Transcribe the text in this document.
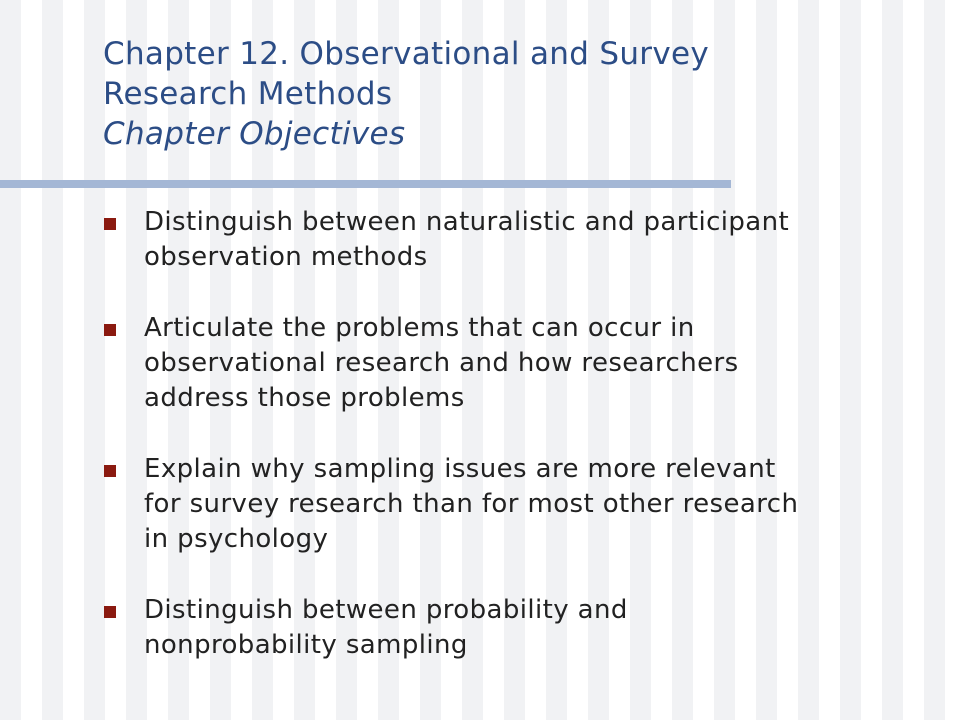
Chapter 12. Observational and Survey
Research Methods
Chapter Objectives
Distinguish between naturalistic and participant
observation methods
Articulate the problems that can occur in
observational research and how researchers
address those problems
Explain why sampling issues are more relevant
for survey research than for most other research
in psychology
Distinguish between probability and
nonprobability sampling
